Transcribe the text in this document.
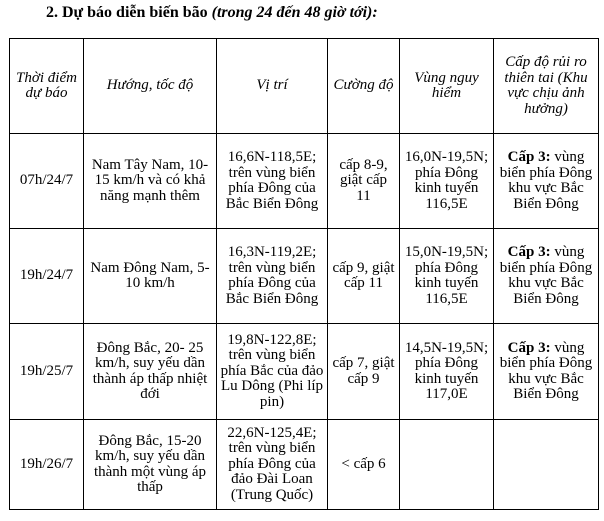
2. Dự báo diễn biến bão (trong 24 đến 48 giờ tới):
Thời điểm dự báo	Hướng, tốc độ	Vị trí	Cường độ	Vùng nguy hiểm	Cấp độ rủi ro thiên tai (Khu vực chịu ảnh hưởng)
07h/24/7	Nam Tây Nam, 10-15 km/h và có khả năng mạnh thêm	16,6N-118,5E; trên vùng biển phía Đông của Bắc Biển Đông	cấp 8-9, giật cấp 11	16,0N-19,5N; phía Đông kinh tuyến 116,5E	Cấp 3: vùng biển phía Đông khu vực Bắc Biển Đông
19h/24/7	Nam Đông Nam, 5-10 km/h	16,3N-119,2E; trên vùng biển phía Đông của Bắc Biển Đông	cấp 9, giật cấp 11	15,0N-19,5N; phía Đông kinh tuyến 116,5E	Cấp 3: vùng biển phía Đông khu vực Bắc Biển Đông
19h/25/7	Đông Bắc, 20- 25 km/h, suy yếu dần thành áp thấp nhiệt đới	19,8N-122,8E; trên vùng biển phía Bắc của đảo Lu Dông (Phi líp pin)	cấp 7, giật cấp 9	14,5N-19,5N; phía Đông kinh tuyến 117,0E	Cấp 3: vùng biển phía Đông khu vực Bắc Biển Đông
19h/26/7	Đông Bắc, 15-20 km/h, suy yếu dần thành một vùng áp thấp	22,6N-125,4E; trên vùng biển phía Đông của đảo Đài Loan (Trung Quốc)	< cấp 6		
